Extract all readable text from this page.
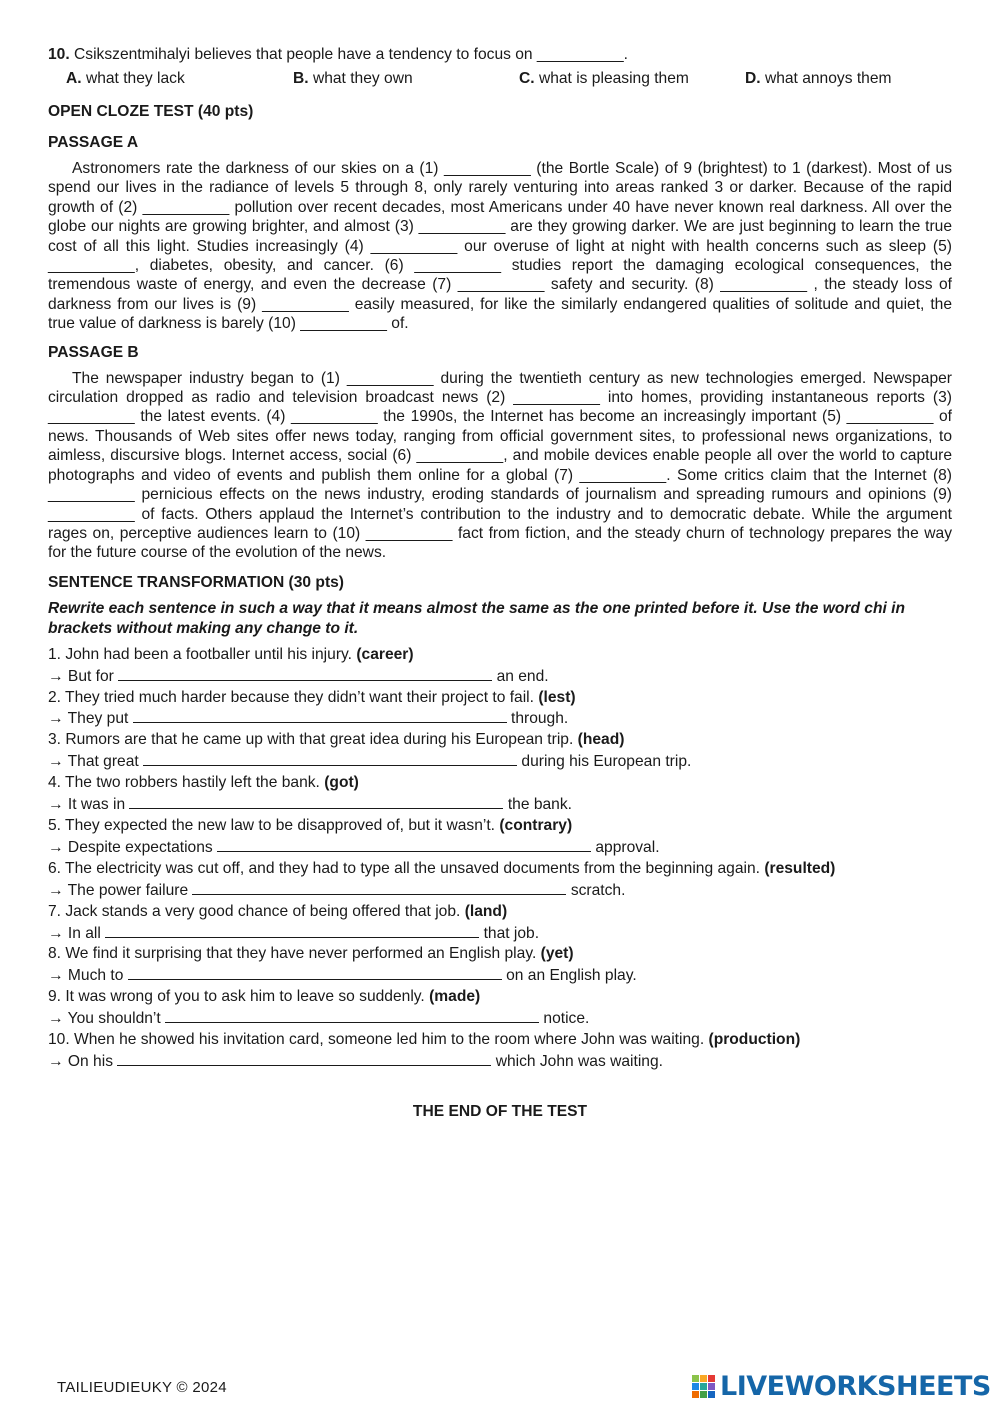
10. Csikszentmihalyi believes that people have a tendency to focus on __________.

A. what they lack	B. what they own	C. what is pleasing them	D. what annoys them

OPEN CLOZE TEST (40 pts)

PASSAGE A

Astronomers rate the darkness of our skies on a (1) __________ (the Bortle Scale) of 9 (brightest) to 1 (darkest). Most of us spend our lives in the radiance of levels 5 through 8, only rarely venturing into areas ranked 3 or darker. Because of the rapid growth of (2) __________ pollution over recent decades, most Americans under 40 have never known real darkness. All over the globe our nights are growing brighter, and almost (3) __________ are they growing darker. We are just beginning to learn the true cost of all this light. Studies increasingly (4) __________ our overuse of light at night with health concerns such as sleep (5) __________, diabetes, obesity, and cancer. (6) __________ studies report the damaging ecological consequences, the tremendous waste of energy, and even the decrease (7) __________ safety and security. (8) __________ , the steady loss of darkness from our lives is (9) __________ easily measured, for like the similarly endangered qualities of solitude and quiet, the true value of darkness is barely (10) __________ of.

PASSAGE B

The newspaper industry began to (1) __________ during the twentieth century as new technologies emerged. Newspaper circulation dropped as radio and television broadcast news (2) __________ into homes, providing instantaneous reports (3) __________ the latest events. (4) __________ the 1990s, the Internet has become an increasingly important (5) __________ of news. Thousands of Web sites offer news today, ranging from official government sites, to professional news organizations, to aimless, discursive blogs. Internet access, social (6) __________, and mobile devices enable people all over the world to capture photographs and video of events and publish them online for a global (7) __________. Some critics claim that the Internet (8) __________ pernicious effects on the news industry, eroding standards of journalism and spreading rumours and opinions (9) __________ of facts. Others applaud the Internet’s contribution to the industry and to democratic debate. While the argument rages on, perceptive audiences learn to (10) __________ fact from fiction, and the steady churn of technology prepares the way for the future course of the evolution of the news.

SENTENCE TRANSFORMATION (30 pts)

Rewrite each sentence in such a way that it means almost the same as the one printed before it. Use the word chi in brackets without making any change to it.

1. John had been a footballer until his injury. (career)
→ But for	an end.
2. They tried much harder because they didn’t want their project to fail. (lest)
→ They put	through.
3. Rumors are that he came up with that great idea during his European trip. (head)
→ That great	during his European trip.
4. The two robbers hastily left the bank. (got)
→ It was in	the bank.
5. They expected the new law to be disapproved of, but it wasn’t. (contrary)
→ Despite expectations	approval.
6. The electricity was cut off, and they had to type all the unsaved documents from the beginning again. (resulted)
→ The power failure	scratch.
7. Jack stands a very good chance of being offered that job. (land)
→ In all	that job.
8. We find it surprising that they have never performed an English play. (yet)
→ Much to	on an English play.
9. It was wrong of you to ask him to leave so suddenly. (made)
→ You shouldn’t	notice.
10. When he showed his invitation card, someone led him to the room where John was waiting. (production)
→ On his	which John was waiting.
THE END OF THE TEST
TAILIEUDIEUKY © 2024	LIVEWORKSHEETS
